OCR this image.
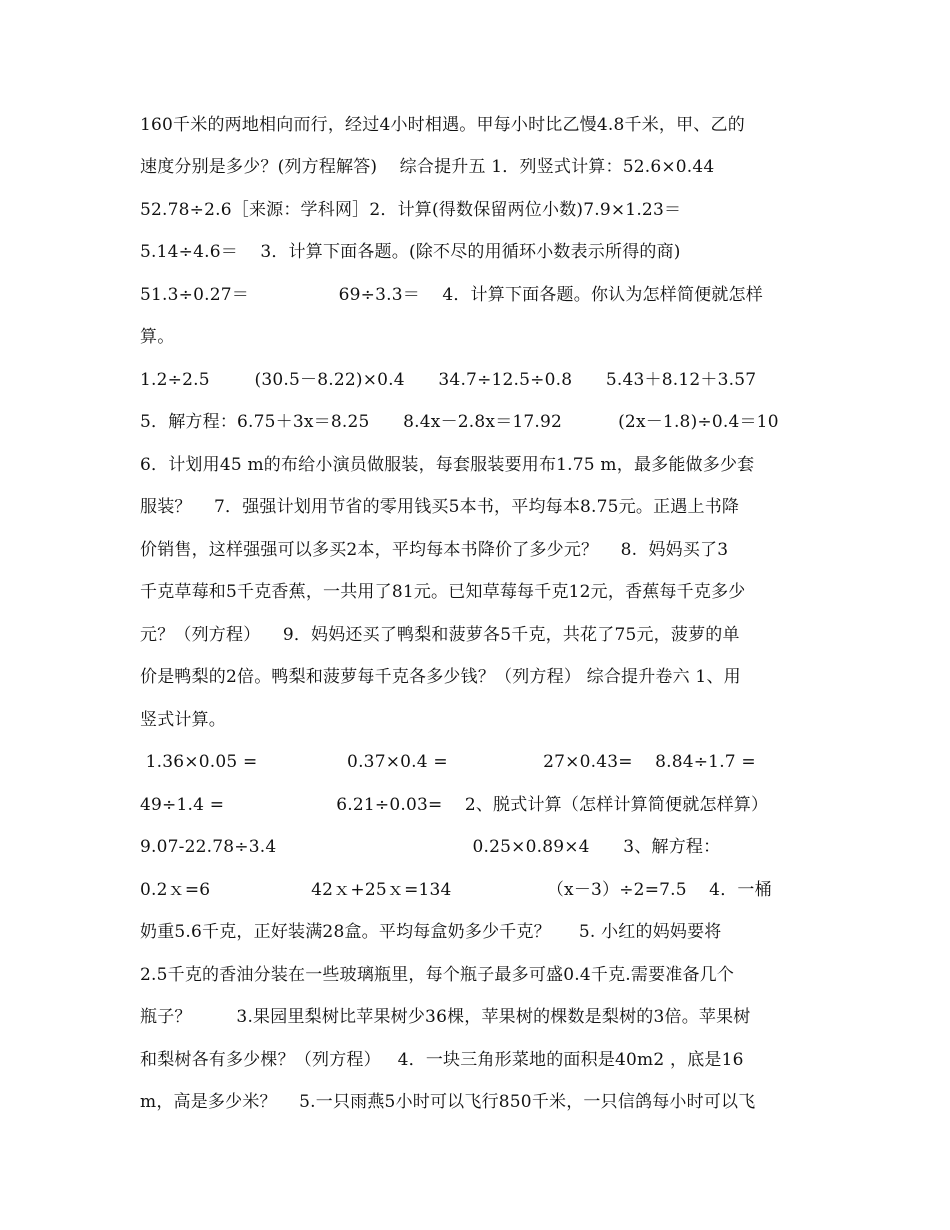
160千米的两地相向而行，经过4小时相遇。甲每小时比乙慢4.8千米，甲、乙的
速度分别是多少？(列方程解答)    综合提升五 1．列竖式计算：52.6×0.44
52.78÷2.6［来源：学科网］2．计算(得数保留两位小数)7.9×1.23＝
5.14÷4.6＝    3．计算下面各题。(除不尽的用循环小数表示所得的商)
51.3÷0.27＝                69÷3.3＝    4．计算下面各题。你认为怎样简便就怎样
算。
1.2÷2.5        (30.5－8.22)×0.4      34.7÷12.5÷0.8      5.43＋8.12＋3.57
5．解方程：6.75＋3x＝8.25      8.4x－2.8x＝17.92          (2x－1.8)÷0.4＝10
6．计划用45 m的布给小演员做服装，每套服装要用布1.75 m，最多能做多少套
服装？    7．强强计划用节省的零用钱买5本书，平均每本8.75元。正遇上书降
价销售，这样强强可以多买2本，平均每本书降价了多少元？    8.  妈妈买了3
千克草莓和5千克香蕉，一共用了81元。已知草莓每千克12元，香蕉每千克多少
元？（列方程）    9．妈妈还买了鸭梨和菠萝各5千克，共花了75元，菠萝的单
价是鸭梨的2倍。鸭梨和菠萝每千克各多少钱？（列方程） 综合提升卷六 1、用
竖式计算。
1.36×0.05 =                0.37×0.4 =                 27×0.43=    8.84÷1.7 =
49÷1.4 =                    6.21÷0.03=    2、脱式计算（怎样计算简便就怎样算）
9.07-22.78÷3.4                                   0.25×0.89×4      3、解方程：
0.2ｘ=6                  42ｘ+25ｘ=134                 （x－3）÷2=7.5    4．一桶
奶重5.6千克，正好装满28盒。平均每盒奶多少千克？     5. 小红的妈妈要将
2.5千克的香油分装在一些玻璃瓶里，每个瓶子最多可盛0.4千克.需要准备几个
瓶子？        3.果园里梨树比苹果树少36棵，苹果树的棵数是梨树的3倍。苹果树
和梨树各有多少棵？（列方程）   4．一块三角形菜地的面积是40m2 ，底是16
m，高是多少米？    5.一只雨燕5小时可以飞行850千米，一只信鸽每小时可以飞
